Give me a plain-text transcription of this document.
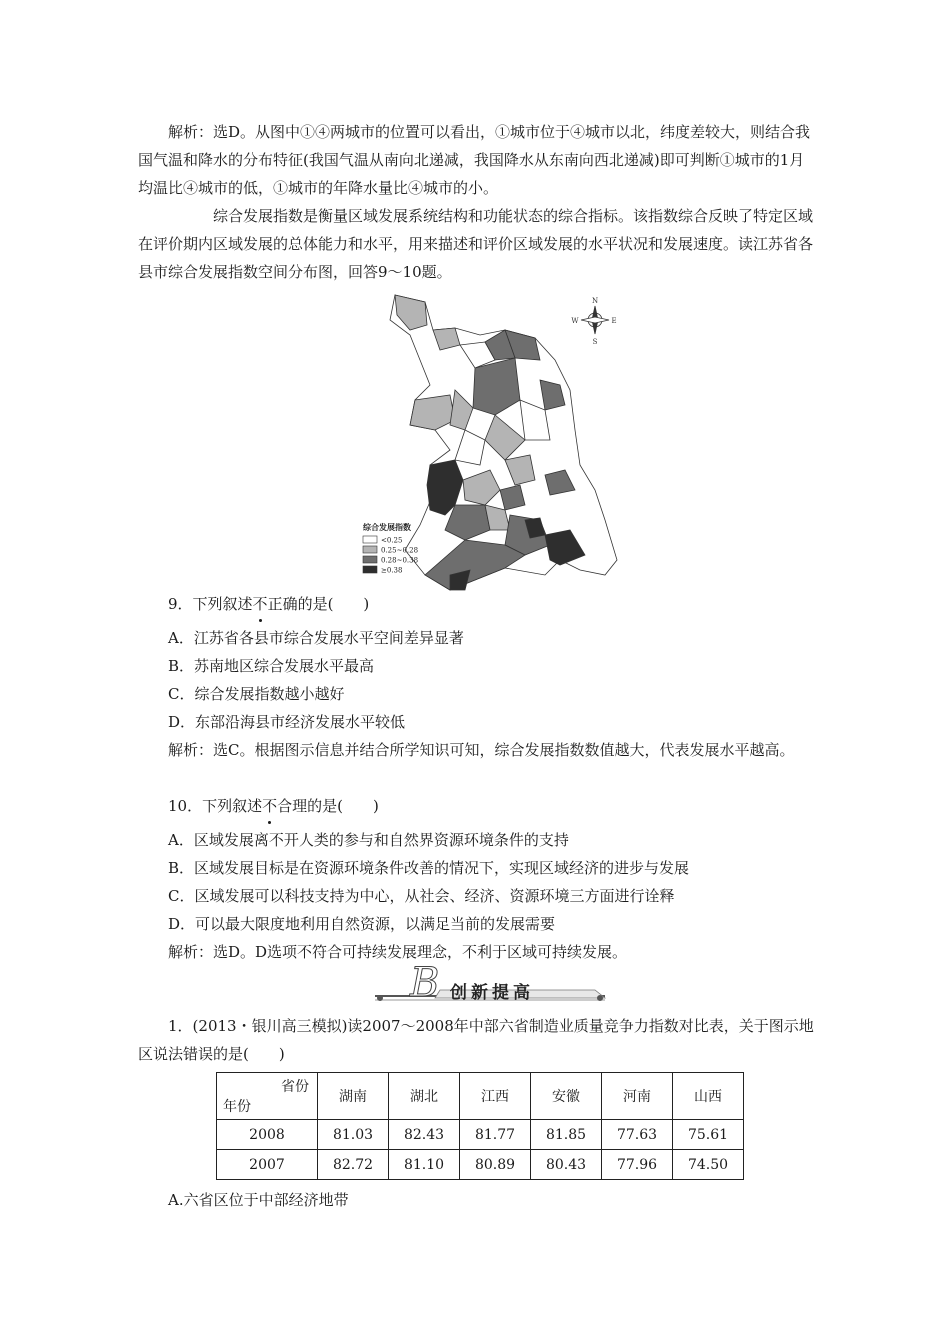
解析：选D。从图中①④两城市的位置可以看出，①城市位于④城市以北，纬度差较大，则结合我国气温和降水的分布特征(我国气温从南向北递减，我国降水从东南向西北递减)即可判断①城市的1月均温比④城市的低，①城市的年降水量比④城市的小。
综合发展指数是衡量区域发展系统结构和功能状态的综合指标。该指数综合反映了特定区域在评价期内区域发展的总体能力和水平，用来描述和评价区域发展的水平状况和发展速度。读江苏省各县市综合发展指数空间分布图，回答9～10题。
N
S
E
W
综合发展指数
<0.25
0.25~0.28
0.28~0.38
≥0.38
9．下列叙述不正确的是(　　)
A．江苏省各县市综合发展水平空间差异显著
B．苏南地区综合发展水平最高
C．综合发展指数越小越好
D．东部沿海县市经济发展水平较低
解析：选C。根据图示信息并结合所学知识可知，综合发展指数数值越大，代表发展水平越高。
10．下列叙述不合理的是(　　)
A．区域发展离不开人类的参与和自然界资源环境条件的支持
B．区域发展目标是在资源环境条件改善的情况下，实现区域经济的进步与发展
C．区域发展可以科技支持为中心，从社会、经济、资源环境三方面进行诠释
D．可以最大限度地利用自然资源，以满足当前的发展需要
解析：选D。D选项不符合可持续发展理念，不利于区域可持续发展。
B 创新提高
1．(2013・银川高三模拟)读2007～2008年中部六省制造业质量竞争力指数对比表，关于图示地区说法错误的是(　　)
省份
年份	湖南	湖北	江西	安徽	河南	山西
2008	81.03	82.43	81.77	81.85	77.63	75.61
2007	82.72	81.10	80.89	80.43	77.96	74.50
A.六省区位于中部经济地带
